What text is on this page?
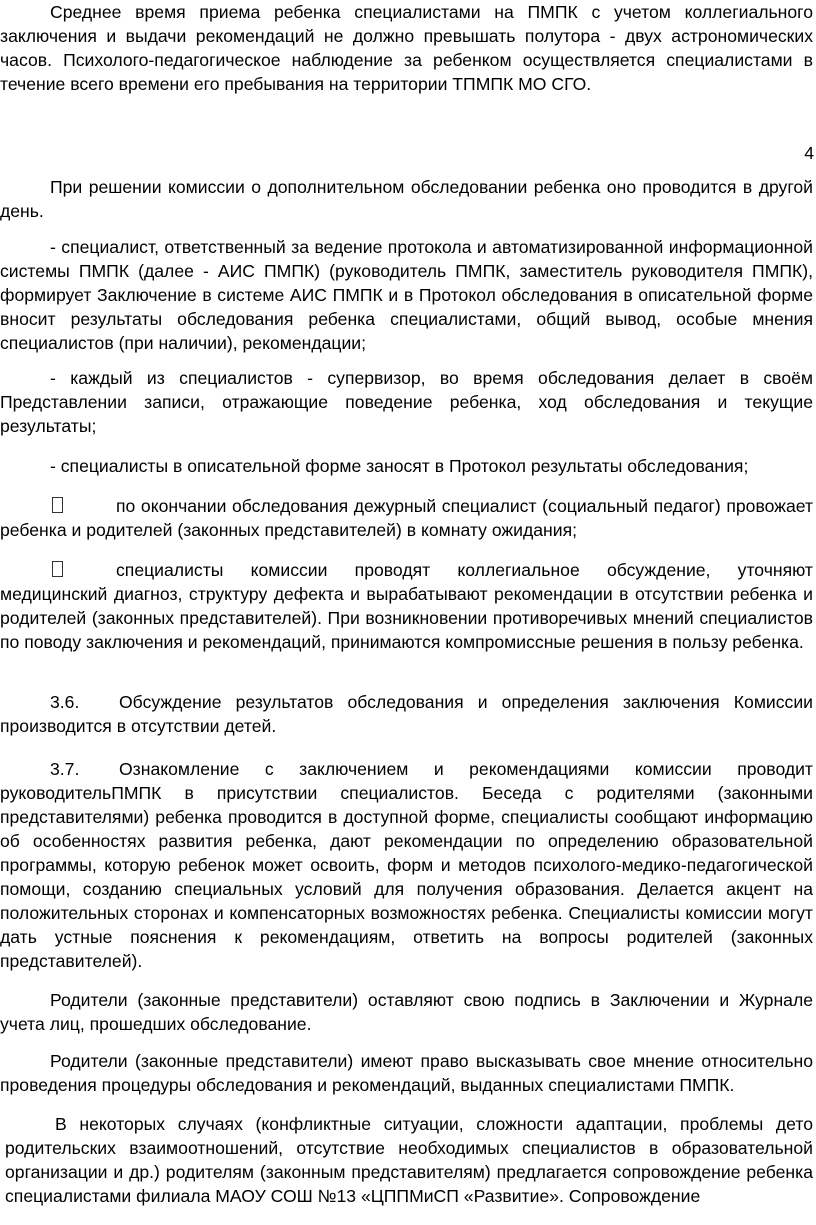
Среднее время приема ребенка специалистами на ПМПК с учетом коллегиального заключения и выдачи рекомендаций не должно превышать полутора - двух астрономических часов. Психолого-педагогическое наблюдение за ребенком осуществляется специалистами в течение всего времени его пребывания на территории ТПМПК МО СГО.

4

При решении комиссии о дополнительном обследовании ребенка оно проводится в другой день.

- специалист, ответственный за ведение протокола и автоматизированной информационной системы ПМПК (далее - АИС ПМПК) (руководитель ПМПК, заместитель руководителя ПМПК), формирует Заключение в системе АИС ПМПК и в Протокол обследования в описательной форме вносит результаты обследования ребенка специалистами, общий вывод, особые мнения специалистов (при наличии), рекомендации;

- каждый из специалистов - супервизор, во время обследования делает в своём Представлении записи, отражающие поведение ребенка, ход обследования и текущие результаты;

- специалисты в описательной форме заносят в Протокол результаты обследования;

по окончании обследования дежурный специалист (социальный педагог) провожает ребенка и родителей (законных представителей) в комнату ожидания;

специалисты комиссии проводят коллегиальное обсуждение, уточняют медицинский диагноз, структуру дефекта и вырабатывают рекомендации в отсутствии ребенка и родителей (законных представителей). При возникновении противоречивых мнений специалистов по поводу заключения и рекомендаций, принимаются компромиссные решения в пользу ребенка.

3.6. Обсуждение результатов обследования и определения заключения Комиссии производится в отсутствии детей.

3.7. Ознакомление с заключением и рекомендациями комиссии проводит руководительПМПК в присутствии специалистов. Беседа с родителями (законными представителями) ребенка проводится в доступной форме, специалисты сообщают информацию об особенностях развития ребенка, дают рекомендации по определению образовательной программы, которую ребенок может освоить, форм и методов психолого-медико-педагогической помощи, созданию специальных условий для получения образования. Делается акцент на положительных сторонах и компенсаторных возможностях ребенка. Специалисты комиссии могут дать устные пояснения к рекомендациям, ответить на вопросы родителей (законных представителей).

Родители (законные представители) оставляют свою подпись в Заключении и Журнале учета лиц, прошедших обследование.

Родители (законные представители) имеют право высказывать свое мнение относительно проведения процедуры обследования и рекомендаций, выданных специалистами ПМПК.

В некоторых случаях (конфликтные ситуации, сложности адаптации, проблемы дето родительских взаимоотношений, отсутствие необходимых специалистов в образовательной организации и др.) родителям (законным представителям) предлагается сопровождение ребенка специалистами филиала МАОУ СОШ №13 «ЦППМиСП «Развитие». Сопровождение
